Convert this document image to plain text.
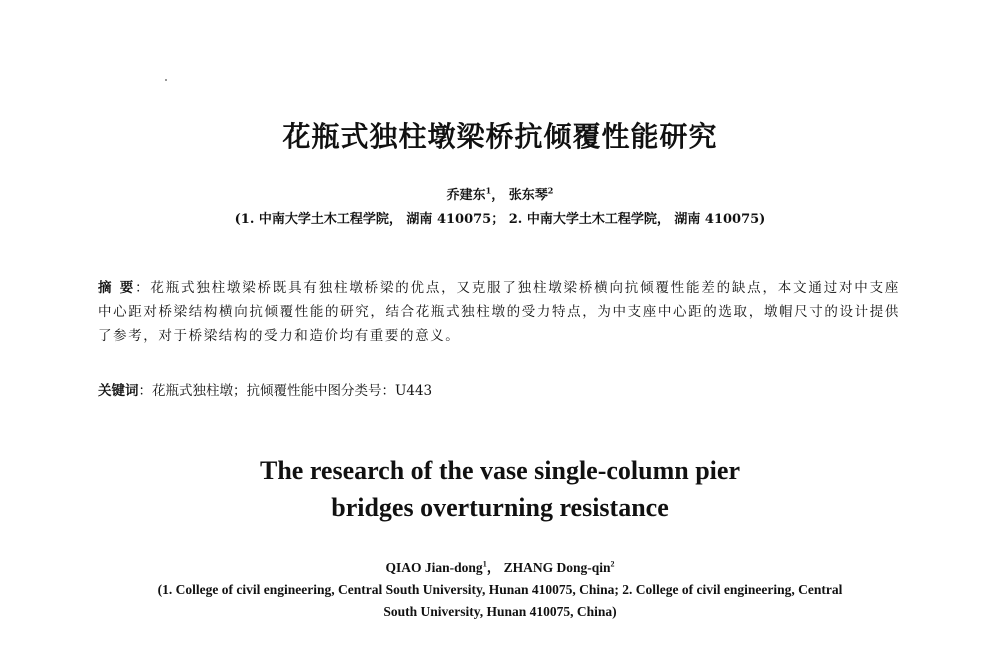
花瓶式独柱墩梁桥抗倾覆性能研究
乔建东$^1$， 张东琴$^2$
(1. 中南大学土木工程学院， 湖南 410075； 2. 中南大学土木工程学院， 湖南 410075)
摘 要：花瓶式独柱墩梁桥既具有独柱墩桥梁的优点，又克服了独柱墩梁桥横向抗倾覆性能差的缺点，本文通过对中支座中心距对桥梁结构横向抗倾覆性能的研究，结合花瓶式独柱墩的受力特点，为中支座中心距的选取，墩帽尺寸的设计提供了参考，对于桥梁结构的受力和造价均有重要的意义。
关键词：花瓶式独柱墩；抗倾覆性能中图分类号：U443
The research of the vase single-column pier
bridges overturning resistance
QIAO Jian-dong$^1$， ZHANG Dong-qin$^2$
(1. College of civil engineering, Central South University, Hunan 410075, China; 2. College of civil engineering, Central South University, Hunan 410075, China)
